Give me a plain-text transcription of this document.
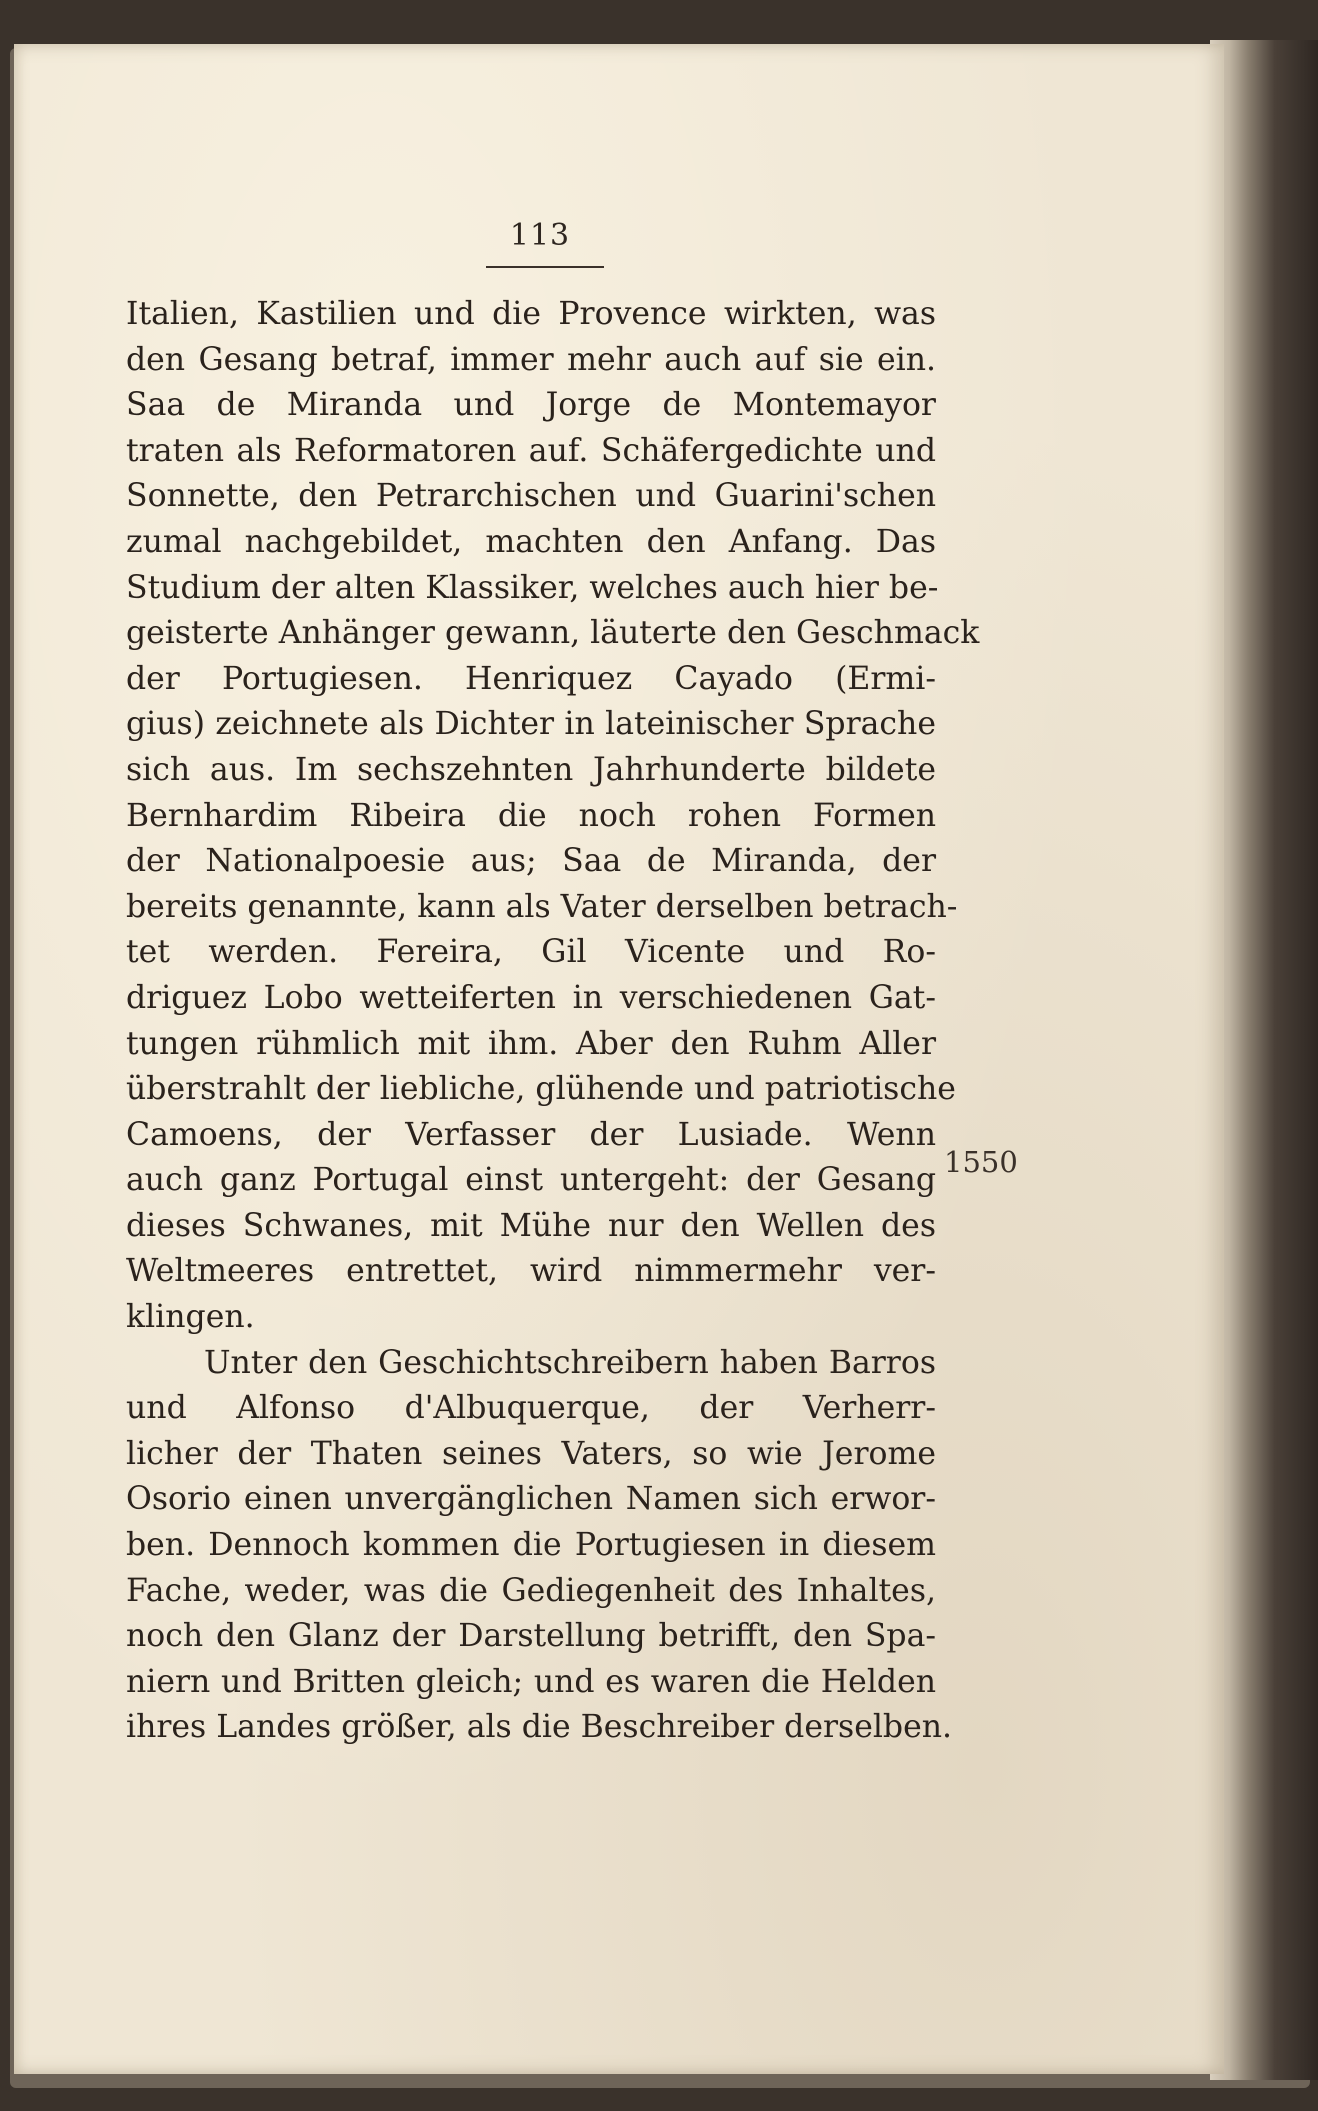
113
Italien, Kastilien und die Provence wirkten, was
den Gesang betraf, immer mehr auch auf sie ein.
Saa de Miranda und Jorge de Montemayor
traten als Reformatoren auf. Schäfergedichte und
Sonnette, den Petrarchischen und Guarini'schen
zumal nachgebildet, machten den Anfang. Das
Studium der alten Klassiker, welches auch hier be-
geisterte Anhänger gewann, läuterte den Geschmack
der Portugiesen. Henriquez Cayado (Ermi-
gius) zeichnete als Dichter in lateinischer Sprache
sich aus. Im sechszehnten Jahrhunderte bildete
Bernhardim Ribeira die noch rohen Formen
der Nationalpoesie aus; Saa de Miranda, der
bereits genannte, kann als Vater derselben betrach-
tet werden. Fereira, Gil Vicente und Ro-
driguez Lobo wetteiferten in verschiedenen Gat-
tungen rühmlich mit ihm. Aber den Ruhm Aller
überstrahlt der liebliche, glühende und patriotische
Camoens, der Verfasser der Lusiade. Wenn
auch ganz Portugal einst untergeht: der Gesang
dieses Schwanes, mit Mühe nur den Wellen des
Weltmeeres entrettet, wird nimmermehr ver-
klingen.
Unter den Geschichtschreibern haben Barros
und Alfonso d'Albuquerque, der Verherr-
licher der Thaten seines Vaters, so wie Jerome
Osorio einen unvergänglichen Namen sich erwor-
ben. Dennoch kommen die Portugiesen in diesem
Fache, weder, was die Gediegenheit des Inhaltes,
noch den Glanz der Darstellung betrifft, den Spa-
niern und Britten gleich; und es waren die Helden
ihres Landes größer, als die Beschreiber derselben.
1550
